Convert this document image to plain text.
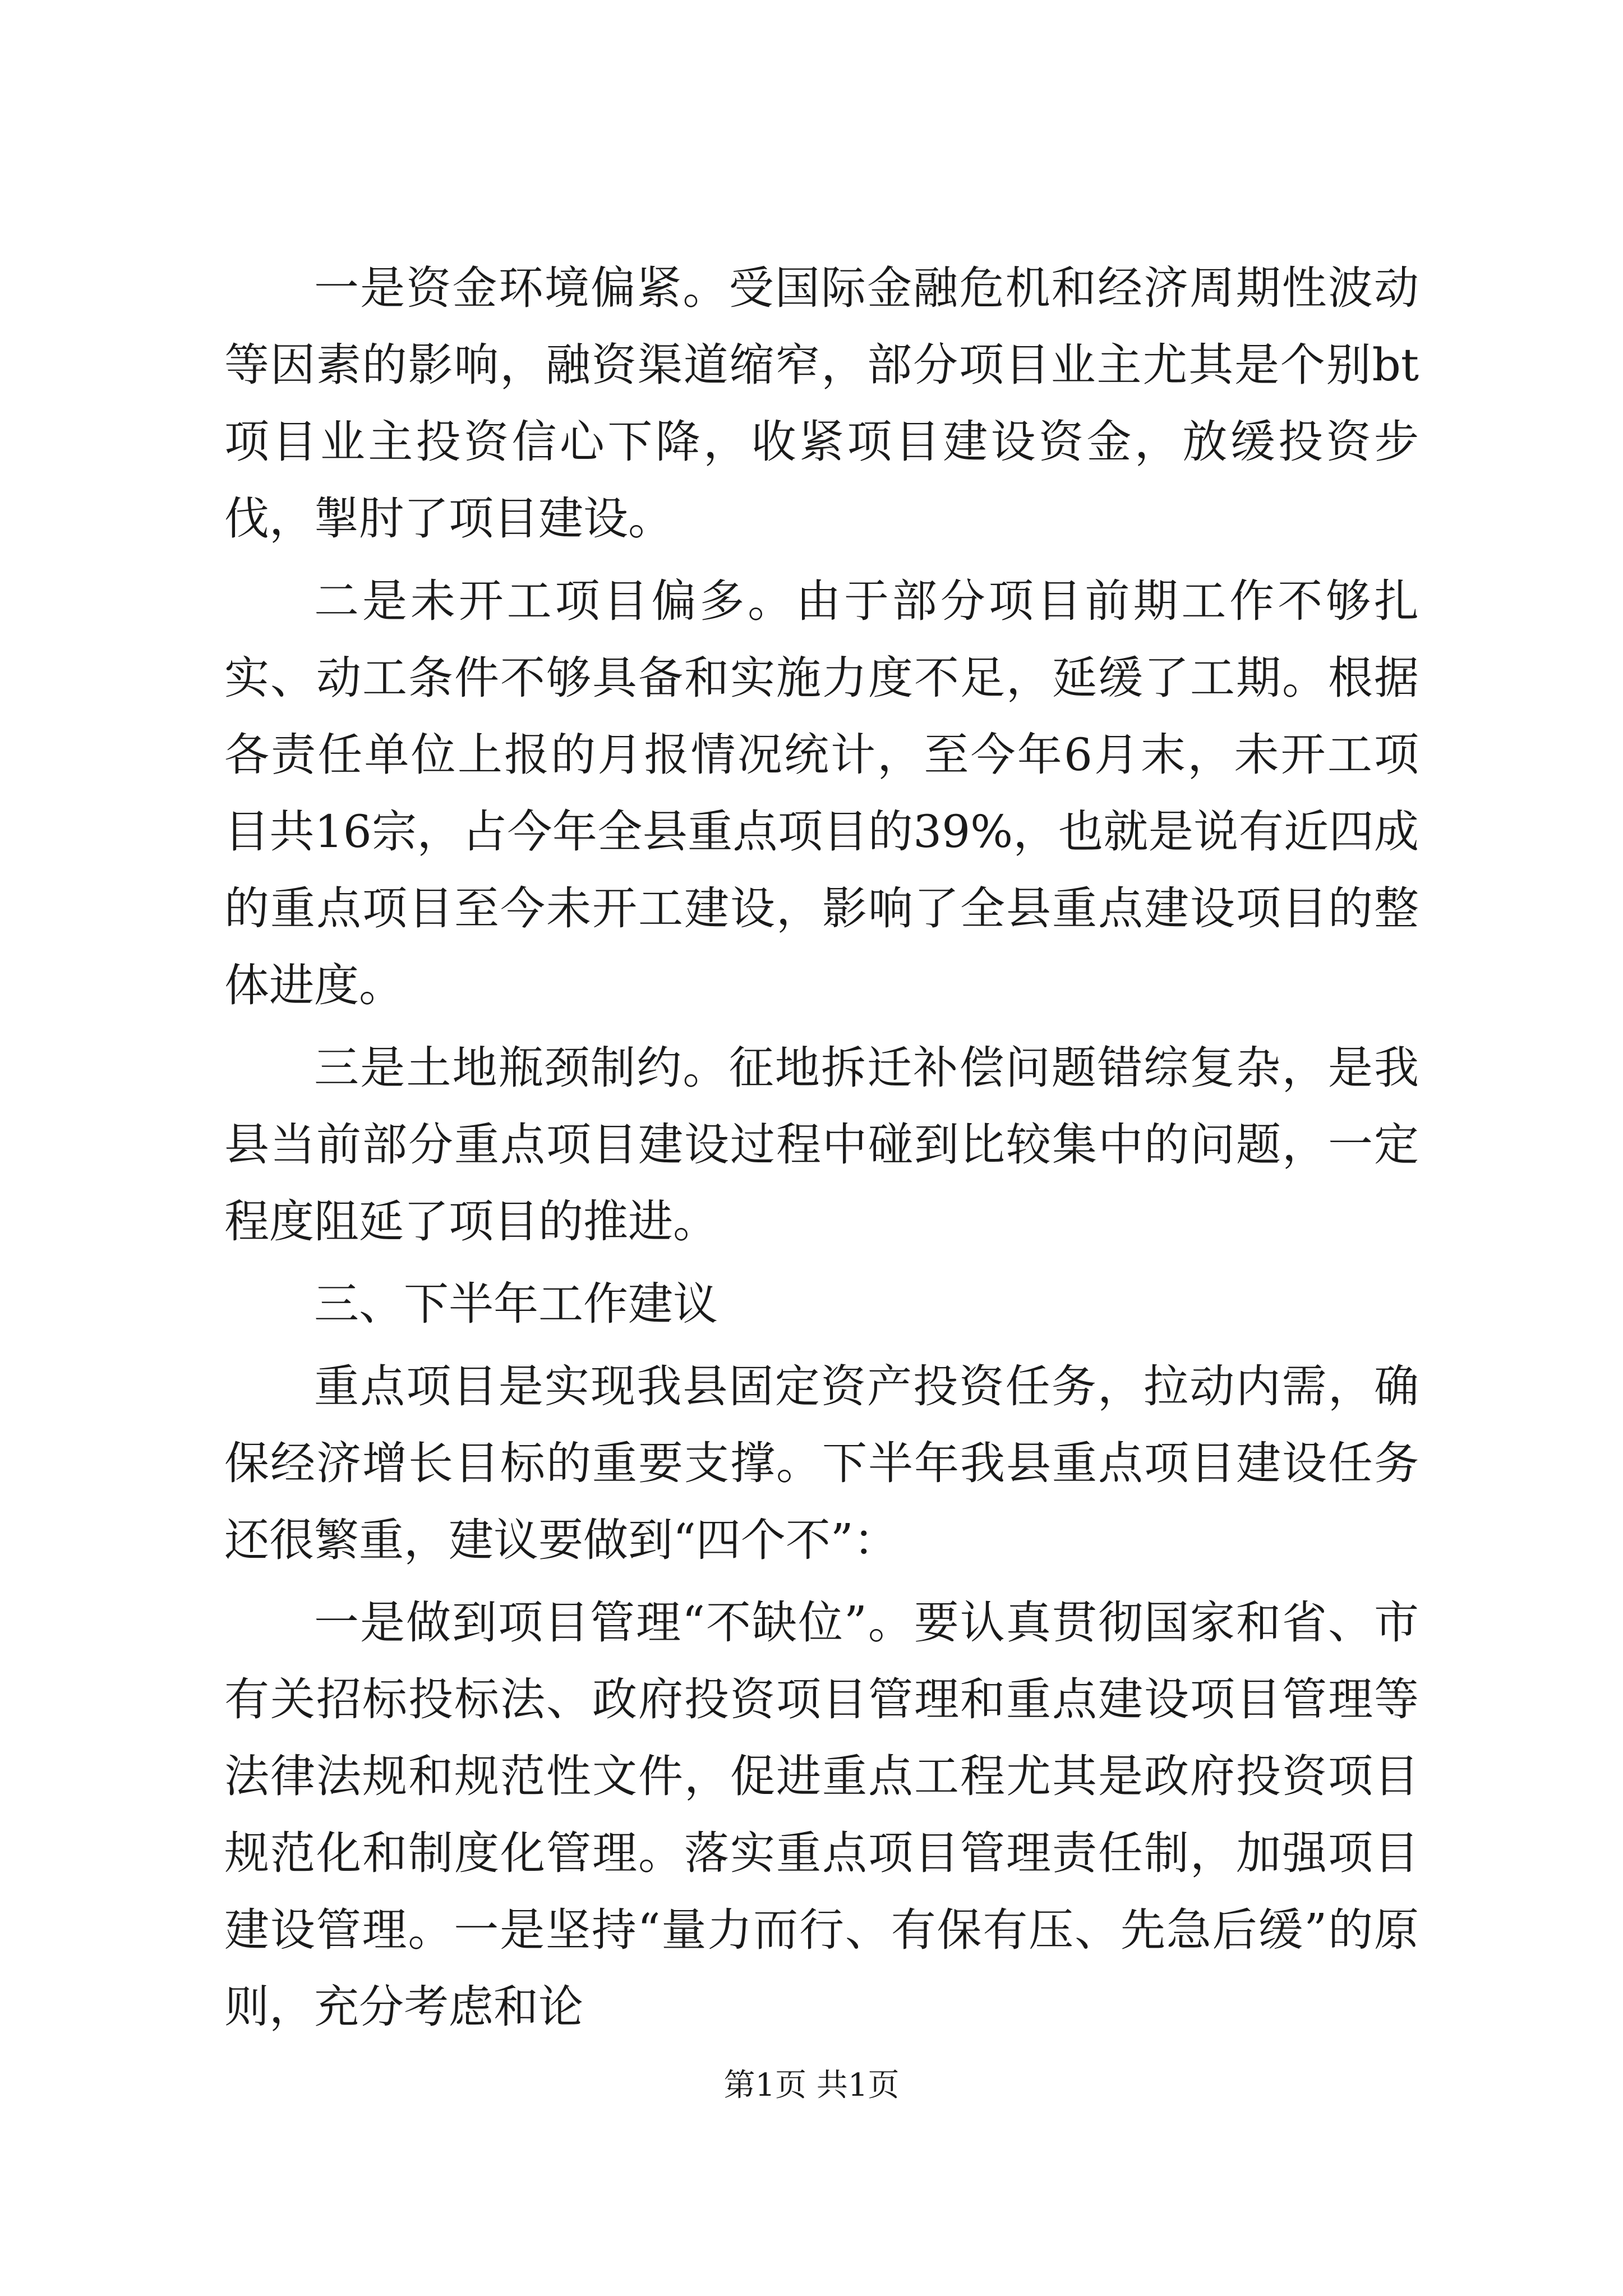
一是资金环境偏紧。受国际金融危机和经济周期性波动等因素的影响，融资渠道缩窄，部分项目业主尤其是个别bt项目业主投资信心下降，收紧项目建设资金，放缓投资步伐，掣肘了项目建设。

二是未开工项目偏多。由于部分项目前期工作不够扎实、动工条件不够具备和实施力度不足，延缓了工期。根据各责任单位上报的月报情况统计，至今年6月末，未开工项目共16宗，占今年全县重点项目的39%，也就是说有近四成的重点项目至今未开工建设，影响了全县重点建设项目的整体进度。

三是土地瓶颈制约。征地拆迁补偿问题错综复杂，是我县当前部分重点项目建设过程中碰到比较集中的问题，一定程度阻延了项目的推进。

三、下半年工作建议

重点项目是实现我县固定资产投资任务，拉动内需，确保经济增长目标的重要支撑。下半年我县重点项目建设任务还很繁重，建议要做到“四个不”：

一是做到项目管理“不缺位”。要认真贯彻国家和省、市有关招标投标法、政府投资项目管理和重点建设项目管理等法律法规和规范性文件，促进重点工程尤其是政府投资项目规范化和制度化管理。落实重点项目管理责任制，加强项目建设管理。一是坚持“量力而行、有保有压、先急后缓”的原则，充分考虑和论

第1页 共1页
